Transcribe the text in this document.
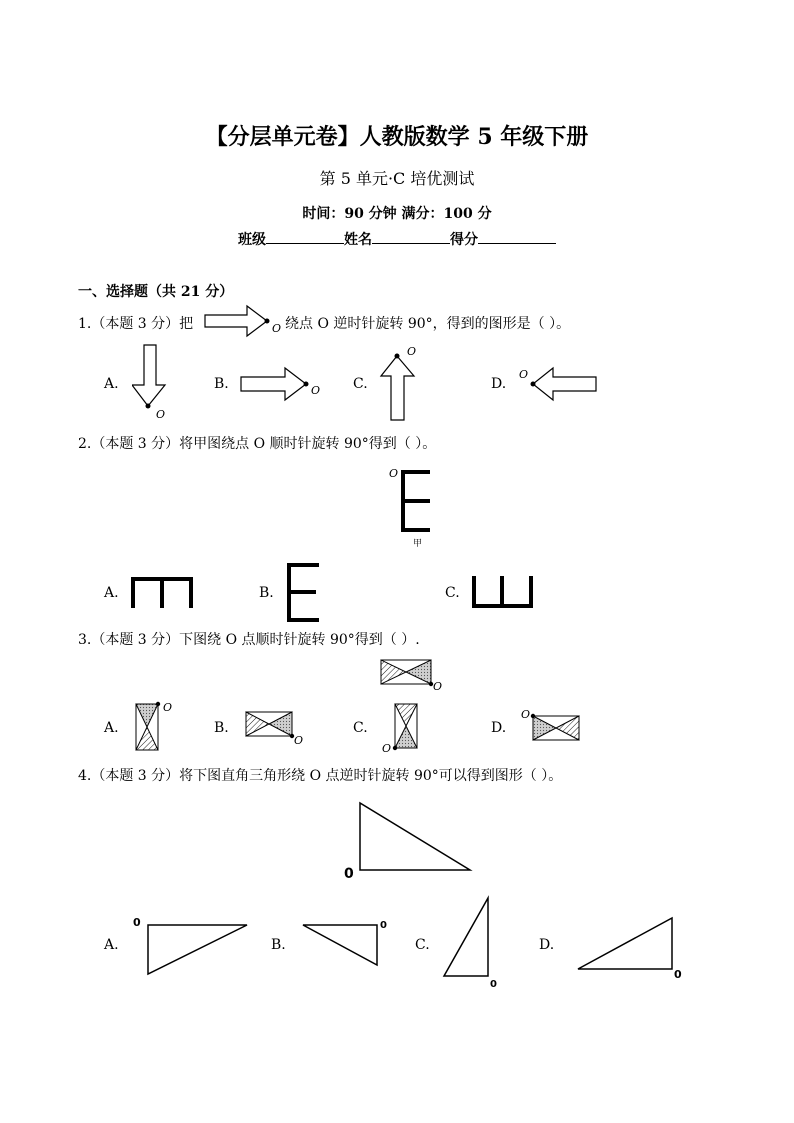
【分层单元卷】人教版数学 5 年级下册
第 5 单元·C 培优测试
时间：90 分钟 满分：100 分
班级	姓名	得分
一、选择题（共 21 分）
1.（本题 3 分）把	O 绕点 O 逆时针旋转 90°，得到的图形是（ ）。
A.
O
B.	O C.
O
D.
O
2.（本题 3 分）将甲图绕点 O 顺时针旋转 90°得到（ ）。
O
甲
A.	B.	C.
3.（本题 3 分）下图绕 O 点顺时针旋转 90°得到（ ）.
O
A.
O
B.
O
C.
O
D.
O
4.（本题 3 分）将下图直角三角形绕 O 点逆时针旋转 90°可以得到图形（ ）。
0
A.
0
B.
0
C.
0
D.
0
